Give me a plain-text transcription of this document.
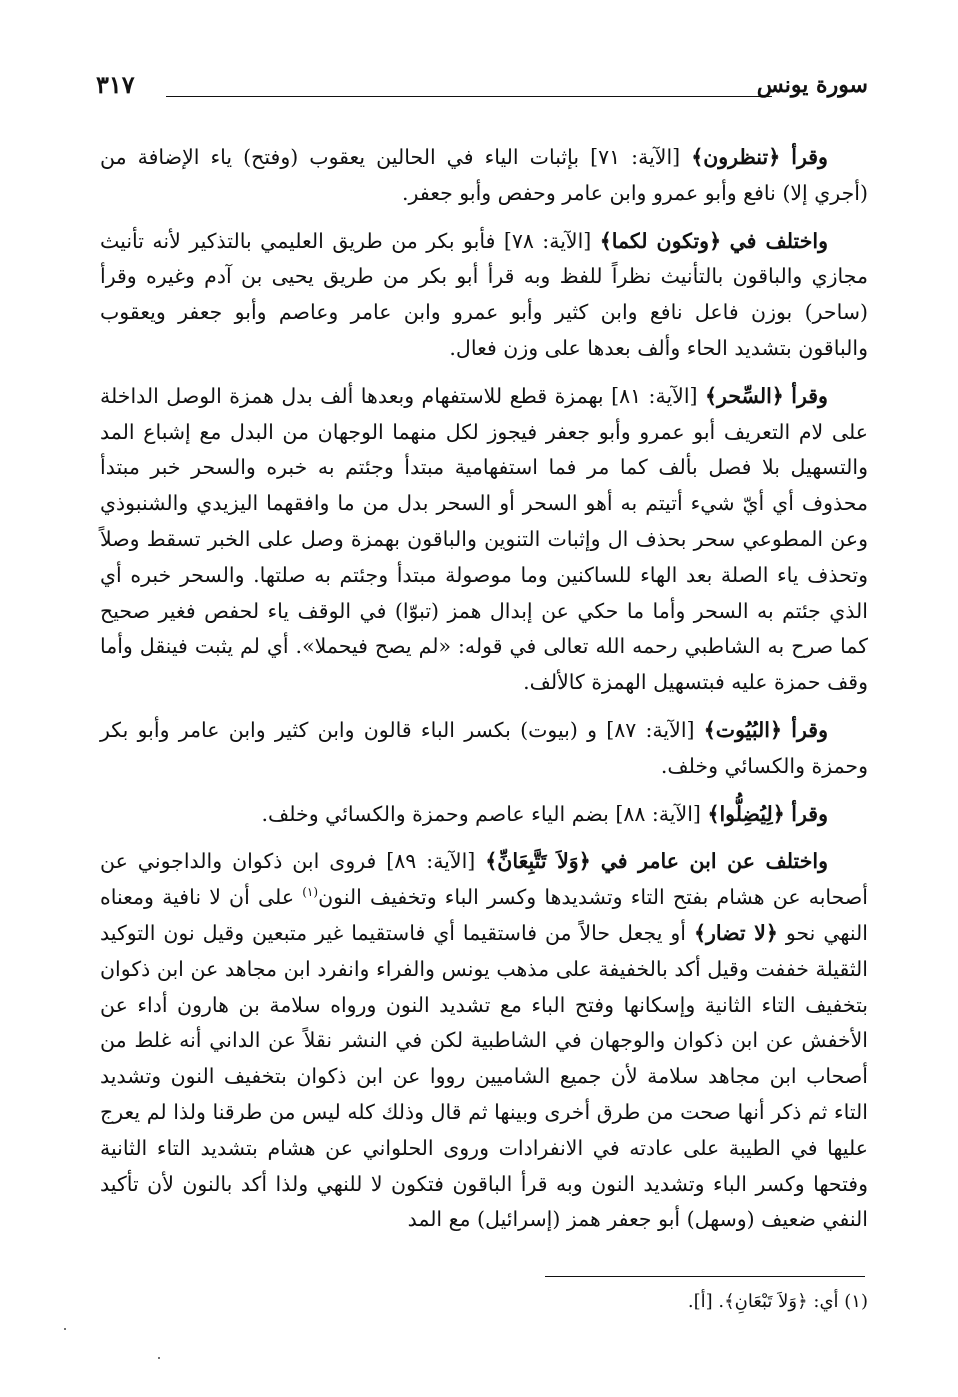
سورة يونس
٣١٧

وقرأ ﴿تنظرون﴾ [الآية: ٧١] بإثبات الياء في الحالين يعقوب (وفتح) ياء الإضافة من (أجري إلا) نافع وأبو عمرو وابن عامر وحفص وأبو جعفر.

واختلف في ﴿وتكون لكما﴾ [الآية: ٧٨] فأبو بكر من طريق العليمي بالتذكير لأنه تأنيث مجازي والباقون بالتأنيث نظراً للفظ وبه قرأ أبو بكر من طريق يحيى بن آدم وغيره وقرأ (ساحر) بوزن فاعل نافع وابن كثير وأبو عمرو وابن عامر وعاصم وأبو جعفر ويعقوب والباقون بتشديد الحاء وألف بعدها على وزن فعال.

وقرأ ﴿السِّحر﴾ [الآية: ٨١] بهمزة قطع للاستفهام وبعدها ألف بدل همزة الوصل الداخلة على لام التعريف أبو عمرو وأبو جعفر فيجوز لكل منهما الوجهان من البدل مع إشباع المد والتسهيل بلا فصل بألف كما مر فما استفهامية مبتدأ وجئتم به خبره والسحر خبر مبتدأ محذوف أي أيّ شيء أتيتم به أهو السحر أو السحر بدل من ما وافقهما اليزيدي والشنبوذي وعن المطوعي سحر بحذف ال وإثبات التنوين والباقون بهمزة وصل على الخبر تسقط وصلاً وتحذف ياء الصلة بعد الهاء للساكنين وما موصولة مبتدأ وجئتم به صلتها. والسحر خبره أي الذي جئتم به السحر وأما ما حكي عن إبدال همز (تبوّا) في الوقف ياء لحفص فغير صحيح كما صرح به الشاطبي رحمه الله تعالى في قوله: «لم يصح فيحملا». أي لم يثبت فينقل وأما وقف حمزة عليه فبتسهيل الهمزة كالألف.

وقرأ ﴿البُيُوت﴾ [الآية: ٨٧] و (بيوت) بكسر الباء قالون وابن كثير وابن عامر وأبو بكر وحمزة والكسائي وخلف.

وقرأ ﴿لِيُضِلُّوا﴾ [الآية: ٨٨] بضم الياء عاصم وحمزة والكسائي وخلف.

واختلف عن ابن عامر في ﴿وَلاَ تَتَّبِعَانِّ﴾ [الآية: ٨٩] فروى ابن ذكوان والداجوني عن أصحابه عن هشام بفتح التاء وتشديدها وكسر الباء وتخفيف النون$^{(١)}$ على أن لا نافية ومعناه النهي نحو ﴿لا تضار﴾ أو يجعل حالاً من فاستقيما أي فاستقيما غير متبعين وقيل نون التوكيد الثقيلة خففت وقيل أكد بالخفيفة على مذهب يونس والفراء وانفرد ابن مجاهد عن ابن ذكوان بتخفيف التاء الثانية وإسكانها وفتح الباء مع تشديد النون ورواه سلامة بن هارون أداء عن الأخفش عن ابن ذكوان والوجهان في الشاطبية لكن في النشر نقلاً عن الداني أنه غلط من أصحاب ابن مجاهد سلامة لأن جميع الشاميين رووا عن ابن ذكوان بتخفيف النون وتشديد التاء ثم ذكر أنها صحت من طرق أخرى وبينها ثم قال وذلك كله ليس من طرقنا ولذا لم يعرج عليها في الطيبة على عادته في الانفرادات وروى الحلواني عن هشام بتشديد التاء الثانية وفتحها وكسر الباء وتشديد النون وبه قرأ الباقون فتكون لا للنهي ولذا أكد بالنون لأن تأكيد النفي ضعيف (وسهل) أبو جعفر همز (إسرائيل) مع المد

(١) أي: ﴿وَلاَ تَبْعَانِ﴾. [أ].
